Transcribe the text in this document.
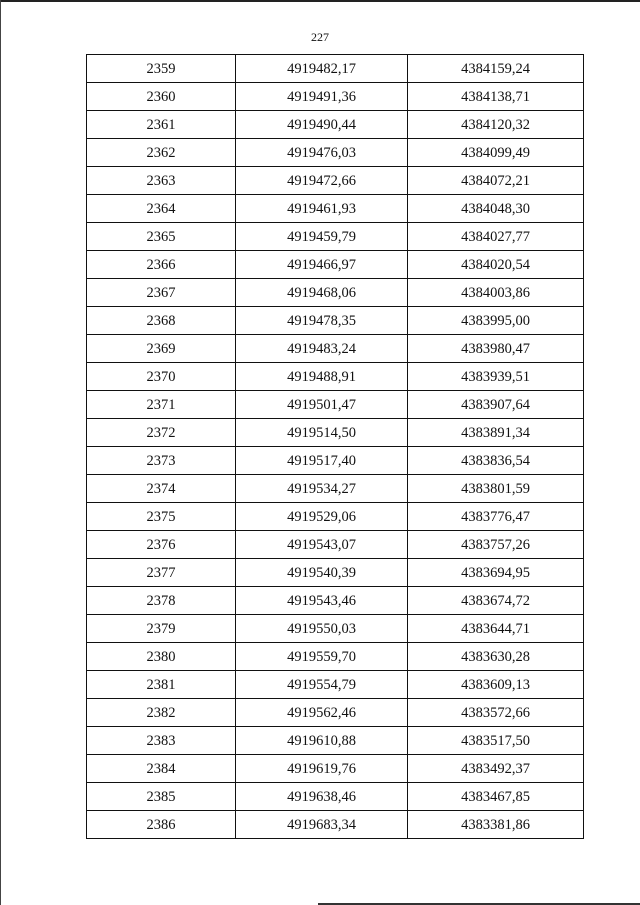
227
2359	4919482,17	4384159,24
2360	4919491,36	4384138,71
2361	4919490,44	4384120,32
2362	4919476,03	4384099,49
2363	4919472,66	4384072,21
2364	4919461,93	4384048,30
2365	4919459,79	4384027,77
2366	4919466,97	4384020,54
2367	4919468,06	4384003,86
2368	4919478,35	4383995,00
2369	4919483,24	4383980,47
2370	4919488,91	4383939,51
2371	4919501,47	4383907,64
2372	4919514,50	4383891,34
2373	4919517,40	4383836,54
2374	4919534,27	4383801,59
2375	4919529,06	4383776,47
2376	4919543,07	4383757,26
2377	4919540,39	4383694,95
2378	4919543,46	4383674,72
2379	4919550,03	4383644,71
2380	4919559,70	4383630,28
2381	4919554,79	4383609,13
2382	4919562,46	4383572,66
2383	4919610,88	4383517,50
2384	4919619,76	4383492,37
2385	4919638,46	4383467,85
2386	4919683,34	4383381,86
